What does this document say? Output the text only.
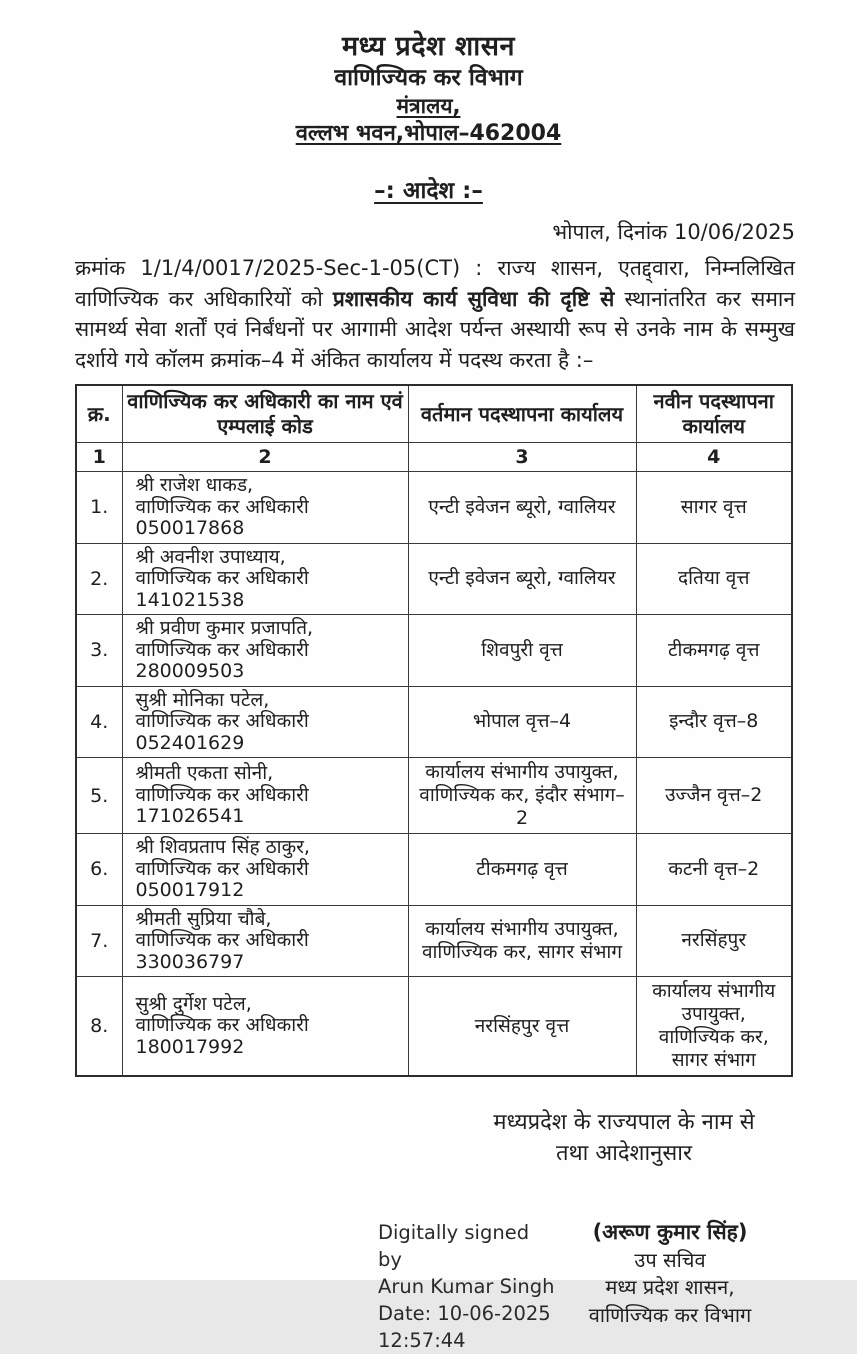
मध्य प्रदेश शासन
वाणिज्यिक कर विभाग
मंत्रालय,
वल्लभ भवन,भोपाल–462004
–: आदेश :–
भोपाल, दिनांक 10/06/2025
क्रमांक 1/1/4/0017/2025-Sec-1-05(CT) : राज्य शासन, एतद्द्वारा, निम्नलिखित वाणिज्यिक कर अधिकारियों को प्रशासकीय कार्य सुविधा की दृष्टि से स्थानांतरित कर समान सामर्थ्य सेवा शर्तों एवं निर्बंधनों पर आगामी आदेश पर्यन्त अस्थायी रूप से उनके नाम के सम्मुख दर्शाये गये कॉलम क्रमांक–4 में अंकित कार्यालय में पदस्थ करता है :–
क्र.	वाणिज्यिक कर अधिकारी का नाम एवं एम्पलाई कोड	वर्तमान पदस्थापना कार्यालय	नवीन पदस्थापना कार्यालय
1	2	3	4
1.	श्री राजेश धाकड,
वाणिज्यिक कर अधिकारी
050017868	एन्टी इवेजन ब्यूरो, ग्वालियर	सागर वृत्त
2.	श्री अवनीश उपाध्याय,
वाणिज्यिक कर अधिकारी
141021538	एन्टी इवेजन ब्यूरो, ग्वालियर	दतिया वृत्त
3.	श्री प्रवीण कुमार प्रजापति,
वाणिज्यिक कर अधिकारी
280009503	शिवपुरी वृत्त	टीकमगढ़ वृत्त
4.	सुश्री मोनिका पटेल,
वाणिज्यिक कर अधिकारी
052401629	भोपाल वृत्त–4	इन्दौर वृत्त–8
5.	श्रीमती एकता सोनी,
वाणिज्यिक कर अधिकारी
171026541	कार्यालय संभागीय उपायुक्त, वाणिज्यिक कर, इंदौर संभाग–2	उज्जैन वृत्त–2
6.	श्री शिवप्रताप सिंह ठाकुर,
वाणिज्यिक कर अधिकारी
050017912	टीकमगढ़ वृत्त	कटनी वृत्त–2
7.	श्रीमती सुप्रिया चौबे,
वाणिज्यिक कर अधिकारी
330036797	कार्यालय संभागीय उपायुक्त, वाणिज्यिक कर, सागर संभाग	नरसिंहपुर
8.	सुश्री दुर्गेश पटेल,
वाणिज्यिक कर अधिकारी
180017992	नरसिंहपुर वृत्त	कार्यालय संभागीय उपायुक्त, वाणिज्यिक कर, सागर संभाग
मध्यप्रदेश के राज्यपाल के नाम से
तथा आदेशानुसार
Digitally signed by
Arun Kumar Singh
Date: 10-06-2025
12:57:44
(अरूण कुमार सिंह)
उप सचिव
मध्य प्रदेश शासन,
वाणिज्यिक कर विभाग
